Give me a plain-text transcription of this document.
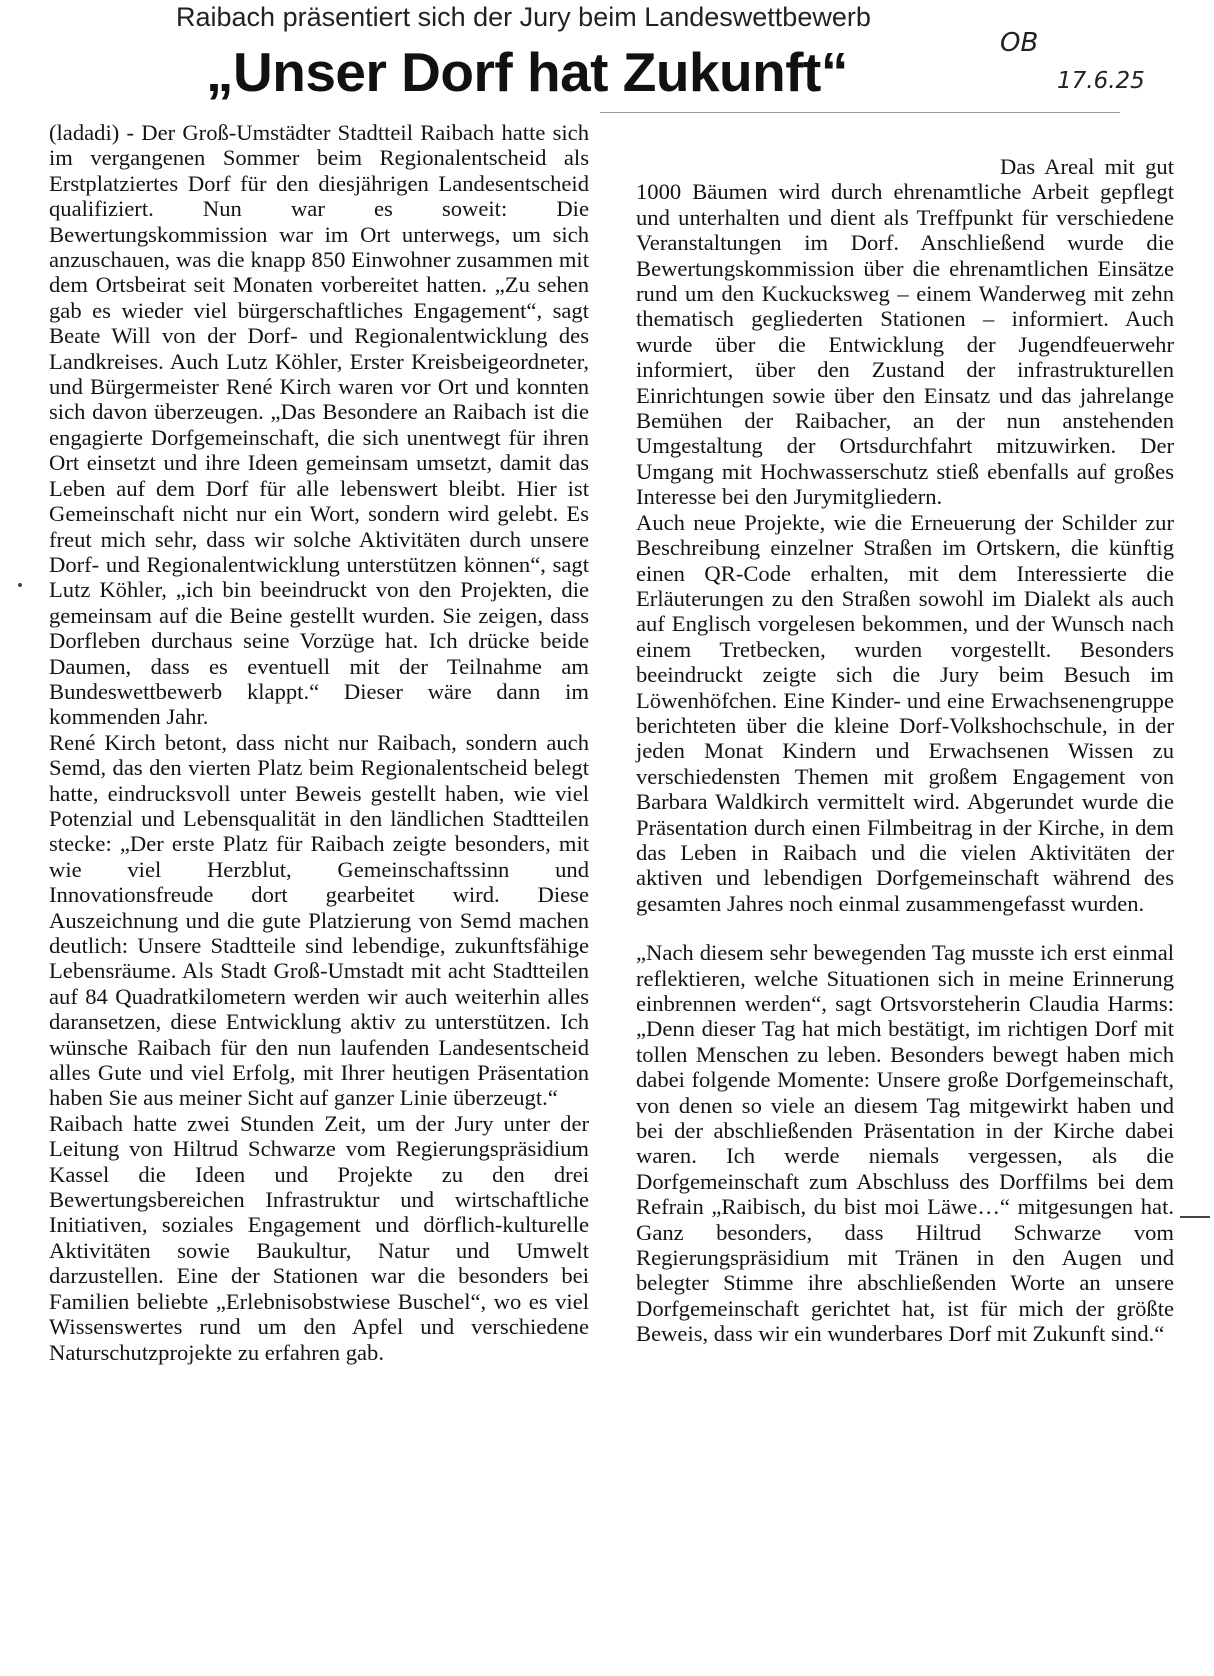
Raibach präsentiert sich der Jury beim Landeswettbewerb
„Unser Dorf hat Zukunft“	OB
17.6.25

(ladadi) - Der Groß-Umstädter Stadtteil Raibach hatte sich im vergangenen Sommer beim Regionalentscheid als Erstplatziertes Dorf für den diesjährigen Landesentscheid qualifiziert. Nun war es soweit: Die Bewertungskommission war im Ort unterwegs, um sich anzuschauen, was die knapp 850 Einwohner zusammen mit dem Ortsbeirat seit Monaten vorbereitet hatten. „Zu sehen gab es wieder viel bürgerschaftliches Engagement“, sagt Beate Will von der Dorf- und Regionalentwicklung des Landkreises. Auch Lutz Köhler, Erster Kreisbeigeordneter, und Bürgermeister René Kirch waren vor Ort und konnten sich davon überzeugen. „Das Besondere an Raibach ist die engagierte Dorfgemeinschaft, die sich unentwegt für ihren Ort einsetzt und ihre Ideen gemeinsam umsetzt, damit das Leben auf dem Dorf für alle lebenswert bleibt. Hier ist Gemeinschaft nicht nur ein Wort, sondern wird gelebt. Es freut mich sehr, dass wir solche Aktivitäten durch unsere Dorf- und Regionalentwicklung unterstützen können“, sagt Lutz Köhler, „ich bin beeindruckt von den Projekten, die gemeinsam auf die Beine gestellt wurden. Sie zeigen, dass Dorfleben durchaus seine Vorzüge hat. Ich drücke beide Daumen, dass es eventuell mit der Teilnahme am Bundeswettbewerb klappt.“ Dieser wäre dann im kommenden Jahr.

René Kirch betont, dass nicht nur Raibach, sondern auch Semd, das den vierten Platz beim Regionalentscheid belegt hatte, eindrucksvoll unter Beweis gestellt haben, wie viel Potenzial und Lebensqualität in den ländlichen Stadtteilen stecke: „Der erste Platz für Raibach zeigte besonders, mit wie viel Herzblut, Gemeinschaftssinn und Innovationsfreude dort gearbeitet wird. Diese Auszeichnung und die gute Platzierung von Semd machen deutlich: Unsere Stadtteile sind lebendige, zukunftsfähige Lebensräume. Als Stadt Groß-Umstadt mit acht Stadtteilen auf 84 Quadratkilometern werden wir auch weiterhin alles daransetzen, diese Entwicklung aktiv zu unterstützen. Ich wünsche Raibach für den nun laufenden Landesentscheid alles Gute und viel Erfolg, mit Ihrer heutigen Präsentation haben Sie aus meiner Sicht auf ganzer Linie überzeugt.“

Raibach hatte zwei Stunden Zeit, um der Jury unter der Leitung von Hiltrud Schwarze vom Regierungspräsidium Kassel die Ideen und Projekte zu den drei Bewertungsbereichen Infrastruktur und wirtschaftliche Initiativen, soziales Engagement und dörflich-kulturelle Aktivitäten sowie Baukultur, Natur und Umwelt darzustellen. Eine der Stationen war die besonders bei Familien beliebte „Erlebnisobstwiese Buschel“, wo es viel Wissenswertes rund um den Apfel und verschiedene Naturschutzprojekte zu erfahren gab.

Das Areal mit gut 1000 Bäumen wird durch ehrenamtliche Arbeit gepflegt und unterhalten und dient als Treffpunkt für verschiedene Veranstaltungen im Dorf. Anschließend wurde die Bewertungskommission über die ehrenamtlichen Einsätze rund um den Kuckucksweg – einem Wanderweg mit zehn thematisch gegliederten Stationen – informiert. Auch wurde über die Entwicklung der Jugendfeuerwehr informiert, über den Zustand der infrastrukturellen Einrichtungen sowie über den Einsatz und das jahrelange Bemühen der Raibacher, an der nun anstehenden Umgestaltung der Ortsdurchfahrt mitzuwirken. Der Umgang mit Hochwasserschutz stieß ebenfalls auf großes Interesse bei den Jurymitgliedern.

Auch neue Projekte, wie die Erneuerung der Schilder zur Beschreibung einzelner Straßen im Ortskern, die künftig einen QR-Code erhalten, mit dem Interessierte die Erläuterungen zu den Straßen sowohl im Dialekt als auch auf Englisch vorgelesen bekommen, und der Wunsch nach einem Tretbecken, wurden vorgestellt. Besonders beeindruckt zeigte sich die Jury beim Besuch im Löwenhöfchen. Eine Kinder- und eine Erwachsenengruppe berichteten über die kleine Dorf-Volkshochschule, in der jeden Monat Kindern und Erwachsenen Wissen zu verschiedensten Themen mit großem Engagement von Barbara Waldkirch vermittelt wird. Abgerundet wurde die Präsentation durch einen Filmbeitrag in der Kirche, in dem das Leben in Raibach und die vielen Aktivitäten der aktiven und lebendigen Dorfgemeinschaft während des gesamten Jahres noch einmal zusammengefasst wurden.

„Nach diesem sehr bewegenden Tag musste ich erst einmal reflektieren, welche Situationen sich in meine Erinnerung einbrennen werden“, sagt Ortsvorsteherin Claudia Harms: „Denn dieser Tag hat mich bestätigt, im richtigen Dorf mit tollen Menschen zu leben. Besonders bewegt haben mich dabei folgende Momente: Unsere große Dorfgemeinschaft, von denen so viele an diesem Tag mitgewirkt haben und bei der abschließenden Präsentation in der Kirche dabei waren. Ich werde niemals vergessen, als die Dorfgemeinschaft zum Abschluss des Dorffilms bei dem Refrain „Raibisch, du bist moi Läwe…“ mitgesungen hat. Ganz besonders, dass Hiltrud Schwarze vom Regierungspräsidium mit Tränen in den Augen und belegter Stimme ihre abschließenden Worte an unsere Dorfgemeinschaft gerichtet hat, ist für mich der größte Beweis, dass wir ein wunderbares Dorf mit Zukunft sind.“
